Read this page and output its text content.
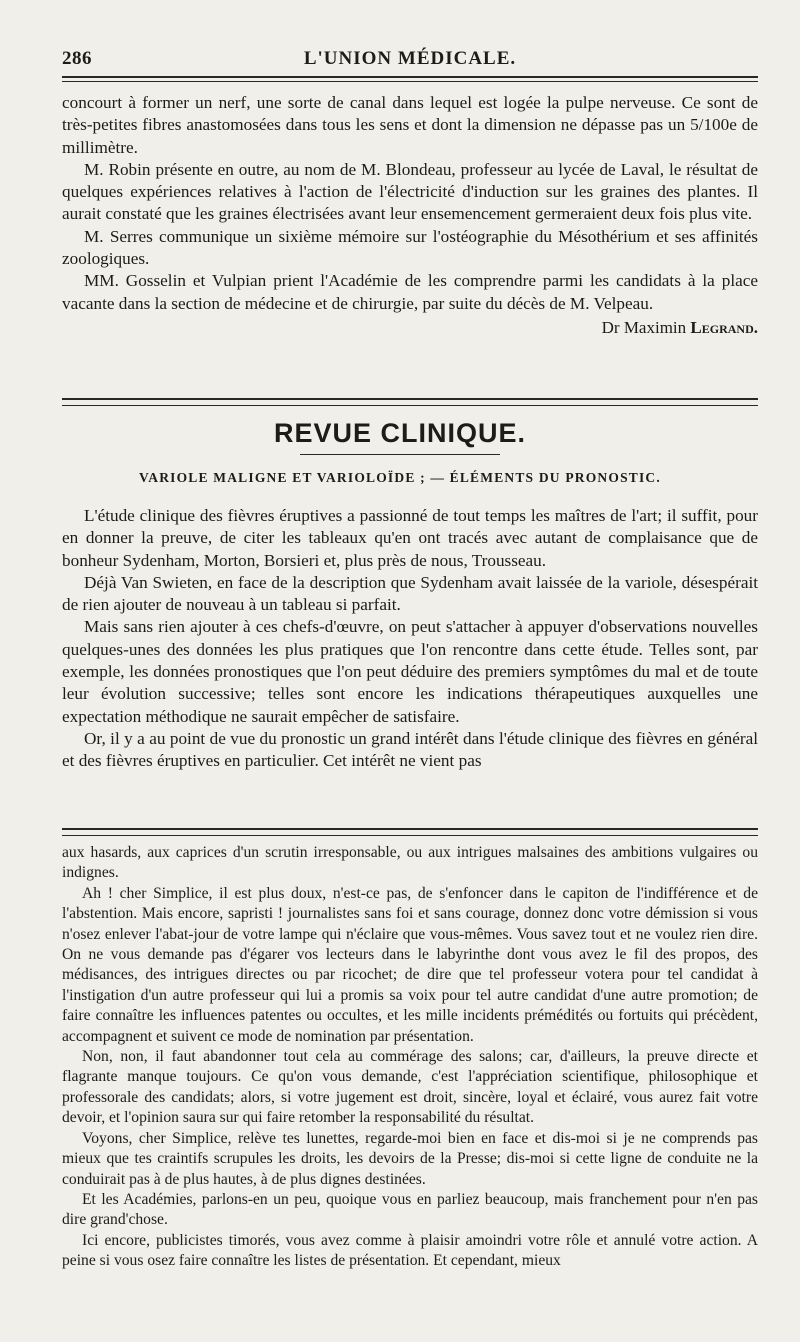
286	L'UNION MÉDICALE.

concourt à former un nerf, une sorte de canal dans lequel est logée la pulpe nerveuse. Ce sont de très-petites fibres anastomosées dans tous les sens et dont la dimension ne dépasse pas un 5/100e de millimètre.

M. Robin présente en outre, au nom de M. Blondeau, professeur au lycée de Laval, le résultat de quelques expériences relatives à l'action de l'électricité d'induction sur les graines des plantes. Il aurait constaté que les graines électrisées avant leur ensemencement germeraient deux fois plus vite.

M. Serres communique un sixième mémoire sur l'ostéographie du Mésothérium et ses affinités zoologiques.

MM. Gosselin et Vulpian prient l'Académie de les comprendre parmi les candidats à la place vacante dans la section de médecine et de chirurgie, par suite du décès de M. Velpeau.

Dr Maximin Legrand.
REVUE CLINIQUE.
VARIOLE MALIGNE ET VARIOLOÏDE ; — ÉLÉMENTS DU PRONOSTIC.

L'étude clinique des fièvres éruptives a passionné de tout temps les maîtres de l'art; il suffit, pour en donner la preuve, de citer les tableaux qu'en ont tracés avec autant de complaisance que de bonheur Sydenham, Morton, Borsieri et, plus près de nous, Trousseau.

Déjà Van Swieten, en face de la description que Sydenham avait laissée de la variole, désespérait de rien ajouter de nouveau à un tableau si parfait.

Mais sans rien ajouter à ces chefs-d'œuvre, on peut s'attacher à appuyer d'observations nouvelles quelques-unes des données les plus pratiques que l'on rencontre dans cette étude. Telles sont, par exemple, les données pronostiques que l'on peut déduire des premiers symptômes du mal et de toute leur évolution successive; telles sont encore les indications thérapeutiques auxquelles une expectation méthodique ne saurait empêcher de satisfaire.

Or, il y a au point de vue du pronostic un grand intérêt dans l'étude clinique des fièvres en général et des fièvres éruptives en particulier. Cet intérêt ne vient pas

aux hasards, aux caprices d'un scrutin irresponsable, ou aux intrigues malsaines des ambitions vulgaires ou indignes.

Ah ! cher Simplice, il est plus doux, n'est-ce pas, de s'enfoncer dans le capiton de l'indifférence et de l'abstention. Mais encore, sapristi ! journalistes sans foi et sans courage, donnez donc votre démission si vous n'osez enlever l'abat-jour de votre lampe qui n'éclaire que vous-mêmes. Vous savez tout et ne voulez rien dire. On ne vous demande pas d'égarer vos lecteurs dans le labyrinthe dont vous avez le fil des propos, des médisances, des intrigues directes ou par ricochet; de dire que tel professeur votera pour tel candidat à l'instigation d'un autre professeur qui lui a promis sa voix pour tel autre candidat d'une autre promotion; de faire connaître les influences patentes ou occultes, et les mille incidents prémédités ou fortuits qui précèdent, accompagnent et suivent ce mode de nomination par présentation.

Non, non, il faut abandonner tout cela au commérage des salons; car, d'ailleurs, la preuve directe et flagrante manque toujours. Ce qu'on vous demande, c'est l'appréciation scientifique, philosophique et professorale des candidats; alors, si votre jugement est droit, sincère, loyal et éclairé, vous aurez fait votre devoir, et l'opinion saura sur qui faire retomber la responsabilité du résultat.

Voyons, cher Simplice, relève tes lunettes, regarde-moi bien en face et dis-moi si je ne comprends pas mieux que tes craintifs scrupules les droits, les devoirs de la Presse; dis-moi si cette ligne de conduite ne la conduirait pas à de plus hautes, à de plus dignes destinées.

Et les Académies, parlons-en un peu, quoique vous en parliez beaucoup, mais franchement pour n'en pas dire grand'chose.

Ici encore, publicistes timorés, vous avez comme à plaisir amoindri votre rôle et annulé votre action. A peine si vous osez faire connaître les listes de présentation. Et cependant, mieux
